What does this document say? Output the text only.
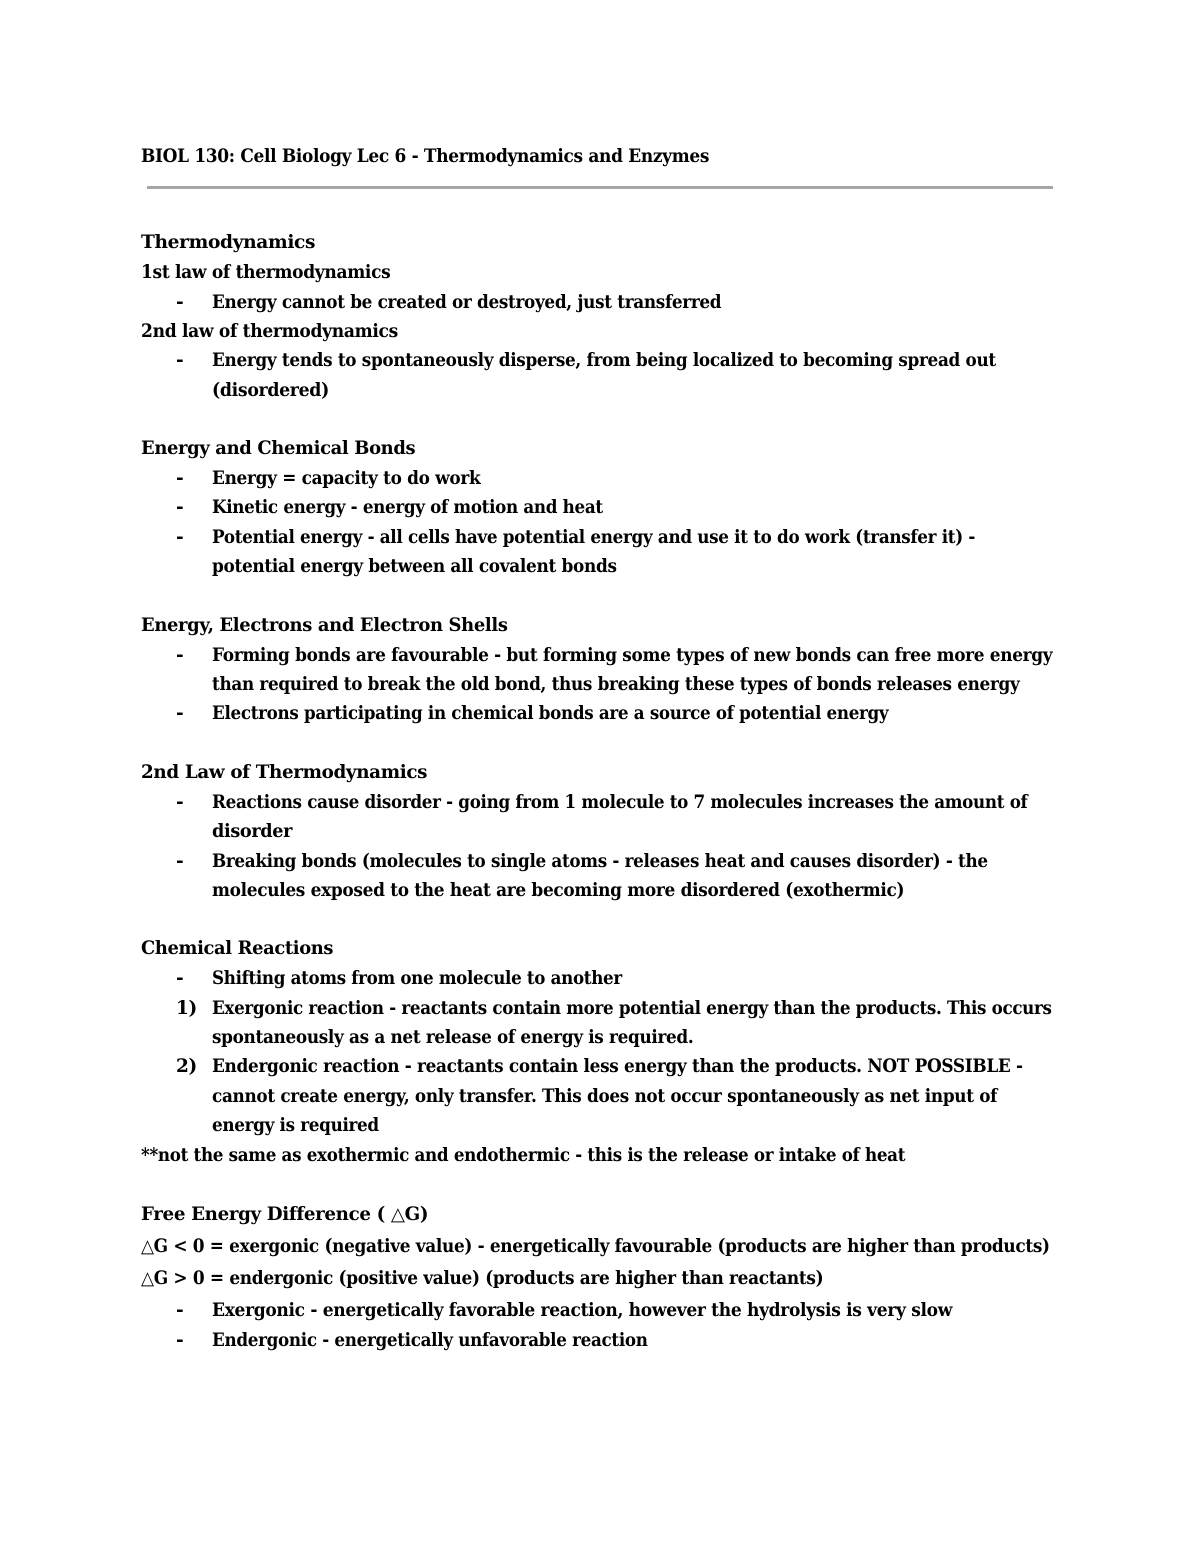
BIOL 130: Cell Biology Lec 6 - Thermodynamics and Enzymes
Thermodynamics
1st law of thermodynamics
- Energy cannot be created or destroyed, just transferred
2nd law of thermodynamics
- Energy tends to spontaneously disperse, from being localized to becoming spread out
(disordered)
Energy and Chemical Bonds
- Energy = capacity to do work
- Kinetic energy - energy of motion and heat
- Potential energy - all cells have potential energy and use it to do work (transfer it) -
potential energy between all covalent bonds
Energy, Electrons and Electron Shells
- Forming bonds are favourable - but forming some types of new bonds can free more energy
than required to break the old bond, thus breaking these types of bonds releases energy
- Electrons participating in chemical bonds are a source of potential energy
2nd Law of Thermodynamics
- Reactions cause disorder - going from 1 molecule to 7 molecules increases the amount of
disorder
- Breaking bonds (molecules to single atoms - releases heat and causes disorder) - the
molecules exposed to the heat are becoming more disordered (exothermic)
Chemical Reactions
- Shifting atoms from one molecule to another
1) Exergonic reaction - reactants contain more potential energy than the products. This occurs
spontaneously as a net release of energy is required.
2) Endergonic reaction - reactants contain less energy than the products. NOT POSSIBLE -
cannot create energy, only transfer. This does not occur spontaneously as net input of
energy is required
**not the same as exothermic and endothermic - this is the release or intake of heat
Free Energy Difference ( △G)
△G < 0 = exergonic (negative value) - energetically favourable (products are higher than products)
△G > 0 = endergonic (positive value) (products are higher than reactants)
- Exergonic - energetically favorable reaction, however the hydrolysis is very slow
- Endergonic - energetically unfavorable reaction
